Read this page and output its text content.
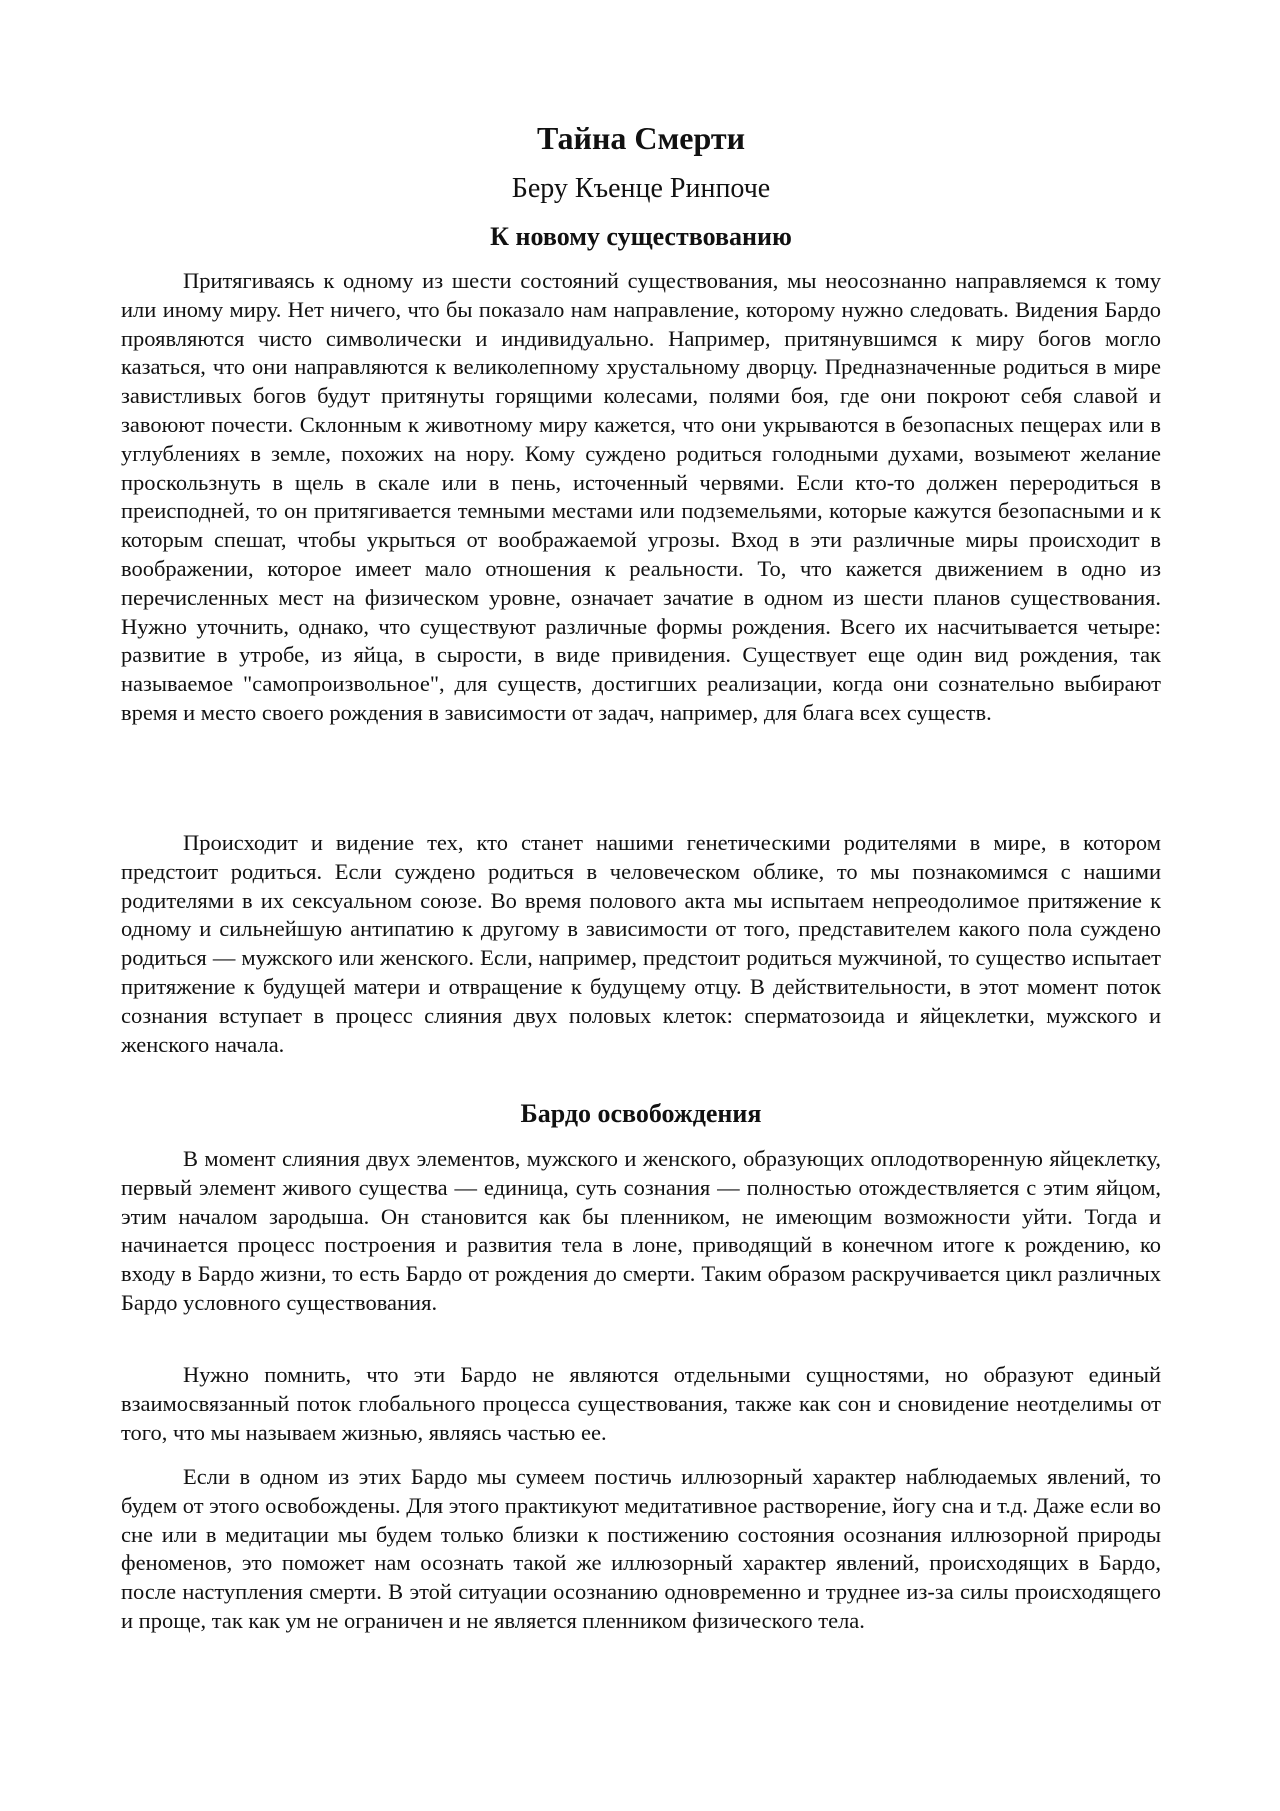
Тайна Смерти
Беру Къенце Ринпоче
К новому существованию

Притягиваясь к одному из шести состояний существования, мы неосознанно направляемся к тому или иному миру. Нет ничего, что бы показало нам направление, которому нужно следовать. Видения Бардо проявляются чисто символически и индивидуально. Например, притянувшимся к миру богов могло казаться, что они направляются к великолепному хрустальному дворцу. Предназначенные родиться в мире завистливых богов будут притянуты горящими колесами, полями боя, где они покроют себя славой и завоюют почести. Склонным к животному миру кажется, что они укрываются в безопасных пещерах или в углублениях в земле, похожих на нору. Кому суждено родиться голодными духами, возымеют желание проскользнуть в щель в скале или в пень, источенный червями. Если кто-то должен переродиться в преисподней, то он притягивается темными местами или подземельями, которые кажутся безопасными и к которым спешат, чтобы укрыться от воображаемой угрозы. Вход в эти различные миры происходит в воображении, которое имеет мало отношения к реальности. То, что кажется движением в одно из перечисленных мест на физическом уровне, означает зачатие в одном из шести планов существования. Нужно уточнить, однако, что существуют различные формы рождения. Всего их насчитывается четыре: развитие в утробе, из яйца, в сырости, в виде привидения. Существует еще один вид рождения, так называемое "самопроизвольное", для существ, достигших реализации, когда они сознательно выбирают время и место своего рождения в зависимости от задач, например, для блага всех существ.

Происходит и видение тех, кто станет нашими генетическими родителями в мире, в котором предстоит родиться. Если суждено родиться в человеческом облике, то мы познакомимся с нашими родителями в их сексуальном союзе. Во время полового акта мы испытаем непреодолимое притяжение к одному и сильнейшую антипатию к другому в зависимости от того, представителем какого пола суждено родиться — мужского или женского. Если, например, предстоит родиться мужчиной, то существо испытает притяжение к будущей матери и отвращение к будущему отцу. В действительности, в этот момент поток сознания вступает в процесс слияния двух половых клеток: сперматозоида и яйцеклетки, мужского и женского начала.

Бардо освобождения

В момент слияния двух элементов, мужского и женского, образующих оплодотворенную яйцеклетку, первый элемент живого существа — единица, суть сознания — полностью отождествляется с этим яйцом, этим началом зародыша. Он становится как бы пленником, не имеющим возможности уйти. Тогда и начинается процесс построения и развития тела в лоне, приводящий в конечном итоге к рождению, ко входу в Бардо жизни, то есть Бардо от рождения до смерти. Таким образом раскручивается цикл различных Бардо условного существования.

Нужно помнить, что эти Бардо не являются отдельными сущностями, но образуют единый взаимосвязанный поток глобального процесса существования, также как сон и сновидение неотделимы от того, что мы называем жизнью, являясь частью ее.

Если в одном из этих Бардо мы сумеем постичь иллюзорный характер наблюдаемых явлений, то будем от этого освобождены. Для этого практикуют медитативное растворение, йогу сна и т.д. Даже если во сне или в медитации мы будем только близки к постижению состояния осознания иллюзорной природы феноменов, это поможет нам осознать такой же иллюзорный характер явлений, происходящих в Бардо, после наступления смерти. В этой ситуации осознанию одновременно и труднее из-за силы происходящего и проще, так как ум не ограничен и не является пленником физического тела.
